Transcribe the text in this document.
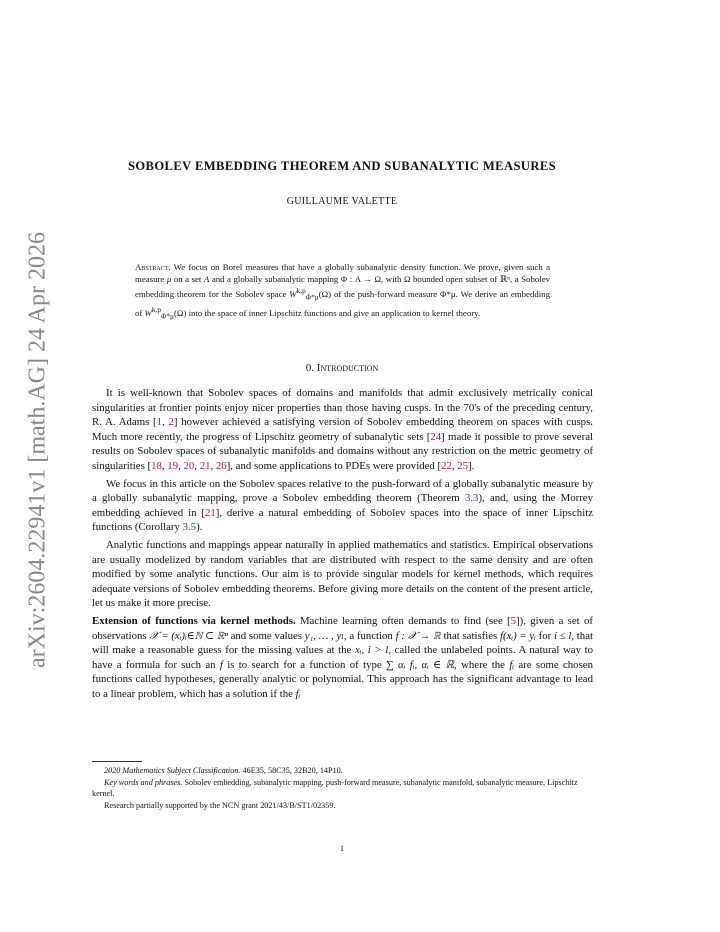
arXiv:2604.22941v1 [math.AG] 24 Apr 2026
SOBOLEV EMBEDDING THEOREM AND SUBANALYTIC MEASURES
GUILLAUME VALETTE
Abstract. We focus on Borel measures that have a globally subanalytic density function. We prove, given such a measure μ on a set A and a globally subanalytic mapping Φ : A → Ω, with Ω bounded open subset of ℝⁿ, a Sobolev embedding theorem for the Sobolev space W$^{k,p}_{\Phi*\mu}$(Ω) of the push-forward measure Φ*μ. We derive an embedding of W$^{k,p}_{\Phi*\mu}$(Ω) into the space of inner Lipschitz functions and give an application to kernel theory.
0. Introduction

It is well-known that Sobolev spaces of domains and manifolds that admit exclusively metrically conical singularities at frontier points enjoy nicer properties than those having cusps. In the 70's of the preceding century, R. A. Adams [1, 2] however achieved a satisfying version of Sobolev embedding theorem on spaces with cusps. Much more recently, the progress of Lipschitz geometry of subanalytic sets [24] made it possible to prove several results on Sobolev spaces of subanalytic manifolds and domains without any restriction on the metric geometry of singularities [18, 19, 20, 21, 26], and some applications to PDEs were provided [22, 25].

We focus in this article on the Sobolev spaces relative to the push-forward of a globally subanalytic measure by a globally subanalytic mapping, prove a Sobolev embedding theorem (Theorem 3.3), and, using the Morrey embedding achieved in [21], derive a natural embedding of Sobolev spaces into the space of inner Lipschitz functions (Corollary 3.5).

Analytic functions and mappings appear naturally in applied mathematics and statistics. Empirical observations are usually modelized by random variables that are distributed with respect to the same density and are often modified by some analytic functions. Our aim is to provide singular models for kernel methods, which requires adequate versions of Sobolev embedding theorems. Before giving more details on the content of the present article, let us make it more precise.

Extension of functions via kernel methods. Machine learning often demands to find (see [5]), given a set of observations 𝒳 = (xᵢ)ᵢ∈ℕ ⊂ ℝⁿ and some values y₁, … , yₗ, a function f : 𝒳 → ℝ that satisfies f(xᵢ) = yᵢ for i ≤ l, that will make a reasonable guess for the missing values at the xᵢ, i > l, called the unlabeled points. A natural way to have a formula for such an f is to search for a function of type ∑ αᵢ fᵢ, αᵢ ∈ ℝ, where the fᵢ are some chosen functions called hypotheses, generally analytic or polynomial. This approach has the significant advantage to lead to a linear problem, which has a solution if the fᵢ

2020 Mathematics Subject Classification. 46E35, 58C35, 32B20, 14P10.

Key words and phrases. Sobolev embedding, subanalytic mapping, push-forward measure, subanalytic manifold, subanalytic measure, Lipschitz kernel.

Research partially supported by the NCN grant 2021/43/B/ST1/02359.

1
